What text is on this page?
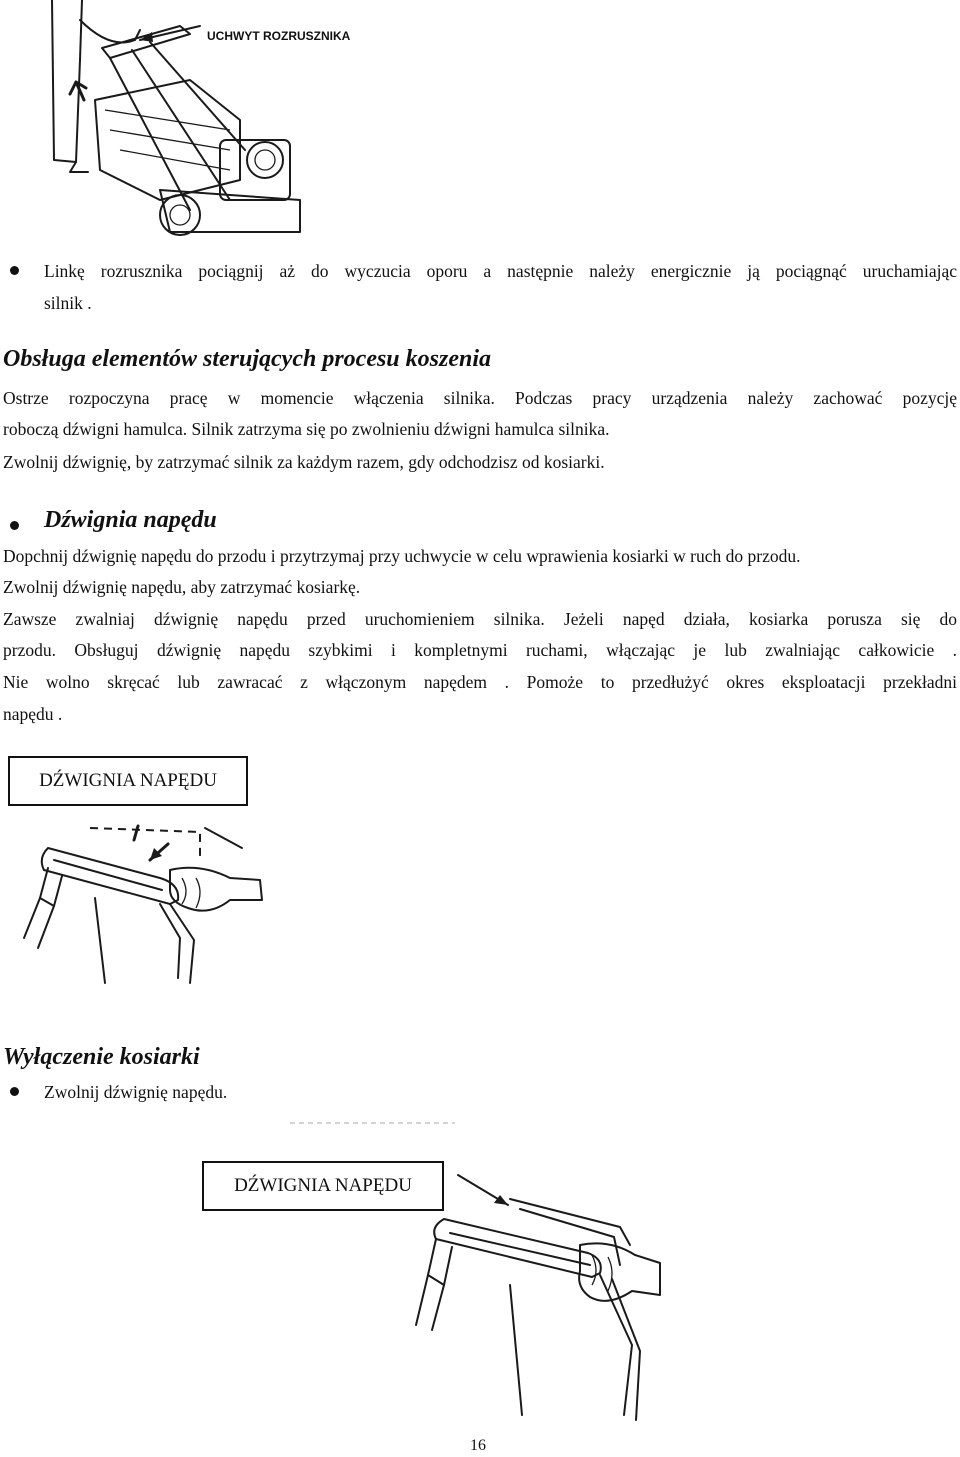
UCHWYT ROZRUSZNIKA
Linkę rozrusznika pociągnij aż do wyczucia oporu a następnie należy energicznie ją pociągnąć uruchamiając
silnik .
Obsługa elementów sterujących procesu koszenia
Ostrze rozpoczyna pracę w momencie włączenia silnika. Podczas pracy urządzenia należy zachować pozycję
roboczą dźwigni hamulca. Silnik zatrzyma się po zwolnieniu dźwigni hamulca silnika.
Zwolnij dźwignię, by zatrzymać silnik za każdym razem, gdy odchodzisz od kosiarki.
Dźwignia napędu
Dopchnij dźwignię napędu do przodu i przytrzymaj przy uchwycie w celu wprawienia kosiarki w ruch do przodu.
Zwolnij dźwignię napędu, aby zatrzymać kosiarkę.
Zawsze zwalniaj dźwignię napędu przed uruchomieniem silnika. Jeżeli napęd działa, kosiarka porusza się do
przodu. Obsługuj dźwignię napędu szybkimi i kompletnymi ruchami, włączając je lub zwalniając całkowicie .
Nie wolno skręcać lub zawracać z włączonym napędem . Pomoże to przedłużyć okres eksploatacji przekładni
napędu .
DŹWIGNIA NAPĘDU
Wyłączenie kosiarki
Zwolnij dźwignię napędu.
DŹWIGNIA NAPĘDU
16
